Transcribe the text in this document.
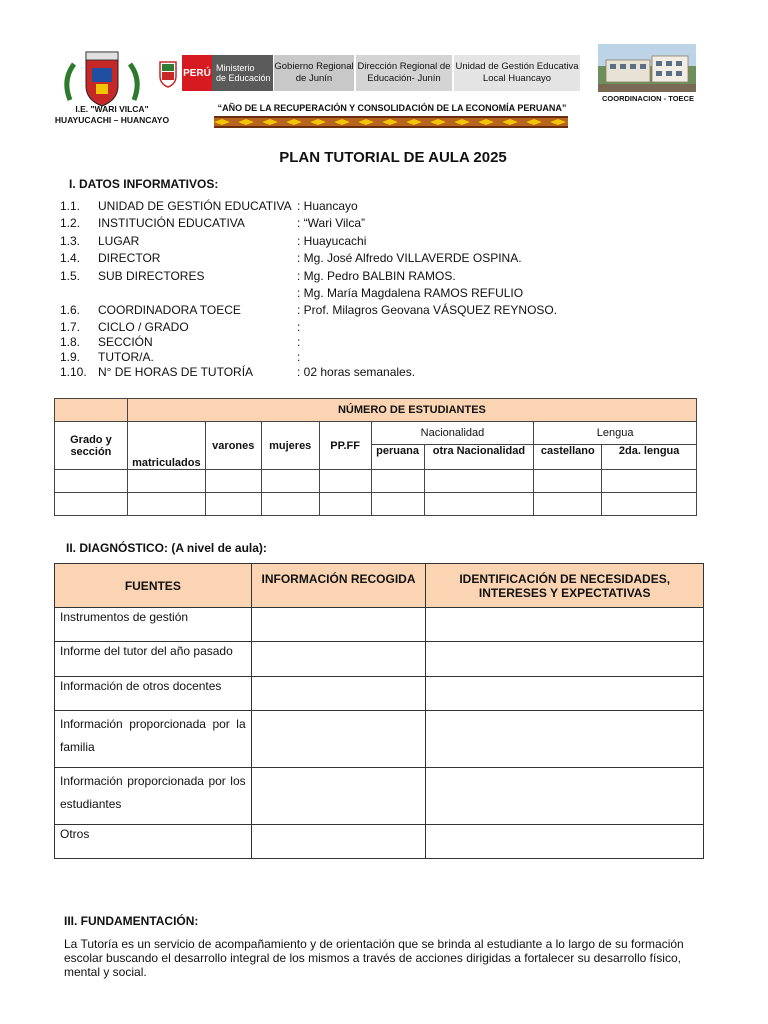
I.E. "WARI VILCA"
HUAYUCACHI – HUANCAYO
PERÚ Ministerio
de Educación
Gobierno Regional
de Junín
Dirección Regional de
Educación- Junín
Unidad de Gestión Educativa
Local Huancayo
COORDINACION - TOECE
“AÑO DE LA RECUPERACIÓN Y CONSOLIDACIÓN DE LA ECONOMÍA PERUANA”
PLAN TUTORIAL DE AULA 2025
I. DATOS INFORMATIVOS:
1.1.	UNIDAD DE GESTIÓN EDUCATIVA : Huancayo
1.2.	INSTITUCIÓN EDUCATIVA	: “Wari Vilca”
1.3.	LUGAR	: Huayucachi
1.4.	DIRECTOR	: Mg. José Alfredo VILLAVERDE OSPINA.
1.5.	SUB DIRECTORES	: Mg. Pedro BALBIN RAMOS.
: Mg. María Magdalena RAMOS REFULIO
1.6.	COORDINADORA TOECE	: Prof. Milagros Geovana VÁSQUEZ REYNOSO.
1.7.	CICLO / GRADO	:
1.8.	SECCIÓN	:
1.9.	TUTOR/A.	:
1.10. N° DE HORAS DE TUTORÍA	: 02 horas semanales.
	NÚMERO DE ESTUDIANTES							
Grado y sección	matriculados	varones	mujeres	PP.FF	Nacionalidad		Lengua	
					peruana	otra Nacionalidad	castellano	2da. lengua

II. DIAGNÓSTICO: (A nivel de aula):
FUENTES	INFORMACIÓN RECOGIDA	IDENTIFICACIÓN DE NECESIDADES, INTERESES Y EXPECTATIVAS
Instrumentos de gestión		
Informe del tutor del año pasado		
Información de otros docentes		
Información proporcionada por la familia		
Información proporcionada por los estudiantes		
Otros		
III. FUNDAMENTACIÓN:
La Tutoría es un servicio de acompañamiento y de orientación que se brinda al estudiante a lo largo de su formación escolar buscando el desarrollo integral de los mismos a través de acciones dirigidas a fortalecer su desarrollo físico, mental y social.
